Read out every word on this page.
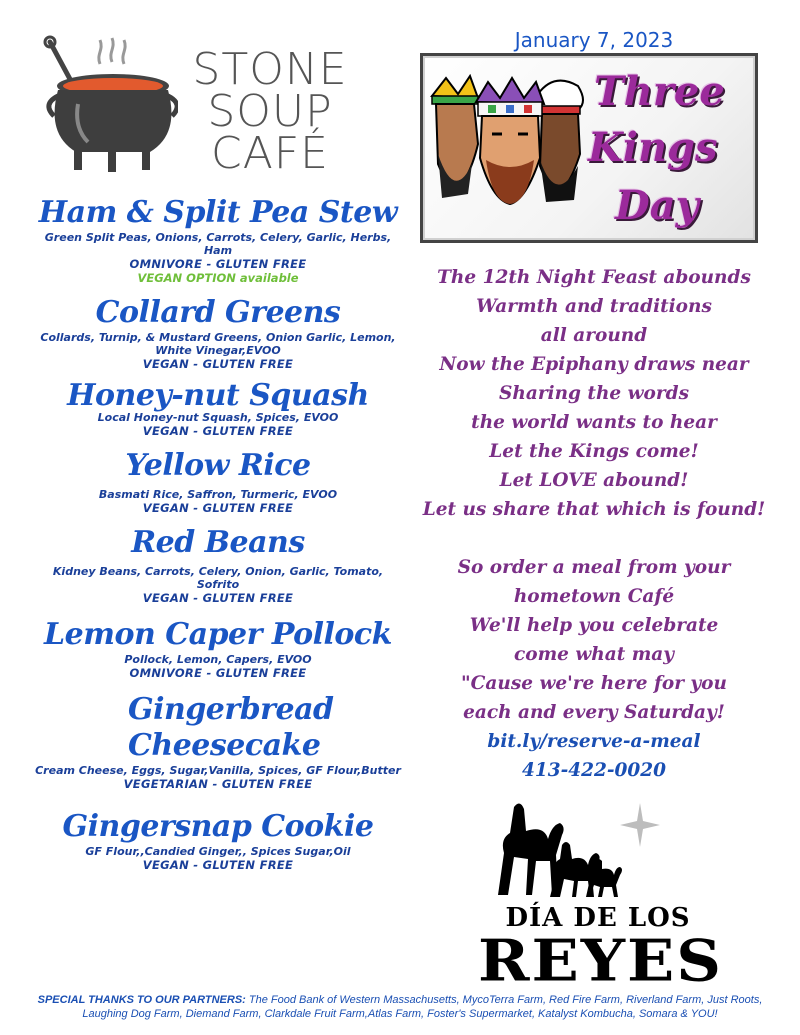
STONE
SOUP
CAFÉ
Ham & Split Pea Stew
Green Split Peas, Onions, Carrots, Celery, Garlic, Herbs, Ham
OMNIVORE - GLUTEN FREE
VEGAN OPTION available
Collard Greens
Collards, Turnip, & Mustard Greens, Onion Garlic, Lemon, White Vinegar,EVOO
VEGAN - GLUTEN FREE
Honey-nut Squash
Local Honey-nut Squash, Spices, EVOO
VEGAN - GLUTEN FREE
Yellow Rice
Basmati Rice, Saffron, Turmeric, EVOO
VEGAN - GLUTEN FREE
Red Beans
Kidney Beans, Carrots, Celery, Onion, Garlic, Tomato, Sofrito
VEGAN - GLUTEN FREE
Lemon Caper Pollock
Pollock, Lemon, Capers, EVOO
OMNIVORE - GLUTEN FREE
Gingerbread Cheesecake
Cream Cheese, Eggs, Sugar,Vanilla, Spices, GF Flour,Butter
VEGETARIAN - GLUTEN FREE
Gingersnap Cookie
GF Flour,,Candied Ginger,, Spices Sugar,Oil
VEGAN - GLUTEN FREE
January 7, 2023
Three
Kings
Day
The 12th Night Feast abounds
Warmth and traditions
all around
Now the Epiphany draws near
Sharing the words
the world wants to hear
Let the Kings come!
Let LOVE abound!
Let us share that which is found!
So order a meal from your
hometown Café
We'll help you celebrate
come what may
"Cause we're here for you
each and every Saturday!
bit.ly/reserve-a-meal
413-422-0020
DÍA DE LOS
REYES
SPECIAL THANKS TO OUR PARTNERS: The Food Bank of Western Massachusetts, MycoTerra Farm, Red Fire Farm, Riverland Farm, Just Roots, Laughing Dog Farm, Diemand Farm, Clarkdale Fruit Farm,Atlas Farm, Foster's Supermarket, Katalyst Kombucha, Somara & YOU!
